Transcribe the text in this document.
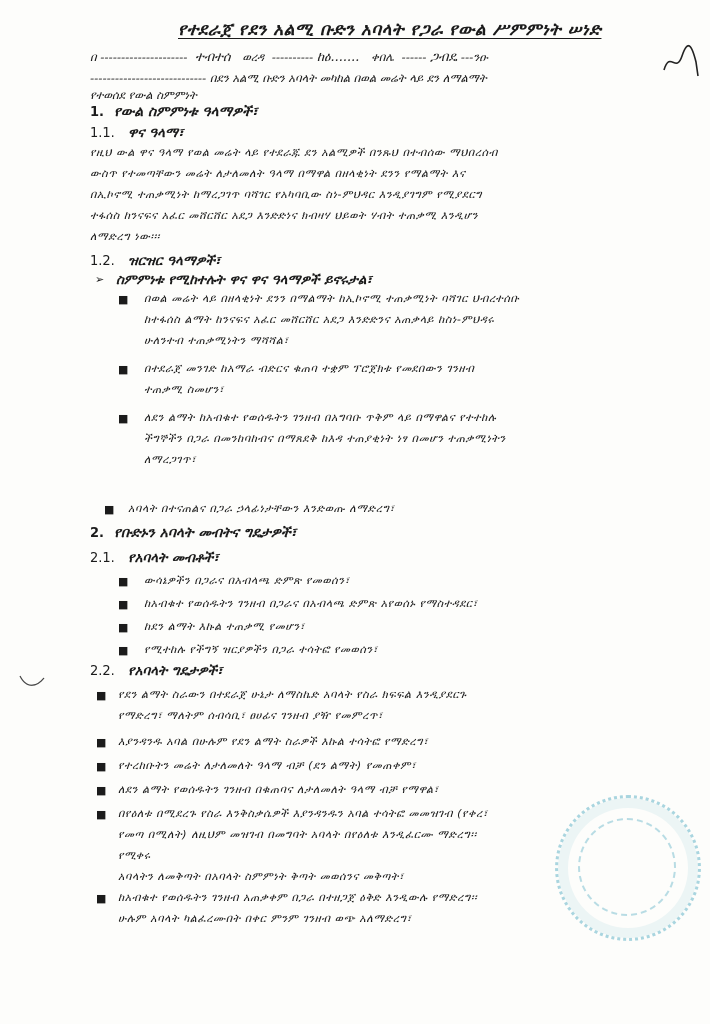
የተደራጀ የደን አልሚ ቡድን አባላት የጋራ የውል ሥምምነት ሠነድ
በ --------------------- ተብተሰ ወረዳ ---------- ከዕ....... ቀበሌ ------ ጋብዴ ---ንዑ
---------------------------- በደን አልሚ ቡድን አባላት መካከል በወል መሬት ላይ ደን ለማልማት
የተወሰደ የውል ስምምነት
1. የውል ስምምነቱ ዓላማዎች፣
1.1. ዋና ዓላማ፣
የዚህ ውል ዋና ዓላማ የወል መሬት ላይ የተደራጁ ደን አልሚዎች በንጹህ በተብሰው ማህበረሰብ
ውስጥ የተመጣቸውን መሬት ለታለመለት ዓላማ በማዋል በዘላቂነት ደንን የማልማት እና
በኢኮኖሚ ተጠቃሚነት ከማረጋገጥ ባሻገር የአካባቢው ስነ-ምህዳር እንዲያገግም የሚያደርግ
ተፋሰስ ከንናፍና አፈር መሸርሸር አደጋ እንድድነና ክብዛሃ ህይወት ሃብት ተጠቃሚ እንዲሆን
ለማድረግ ነው፡፡፡
1.2. ዝርዝር ዓላማዎች፣
➢ ስምምነቱ የሚከተሉት ዋና ዋና ዓላማዎች ይኖሩታል፣
■ በወል መሬት ላይ በዘላቂነት ደንን በማልማት ከኢኮኖሚ ተጠቃሚነት ባሻገር ህብረተሰቡ
ከተፋሰስ ልማት ከንናፍና አፈር መሸርሸር አደጋ እንድድንና አጠቃላይ ከስነ-ምህዳሩ
ሁለንተብ ተጠቃሚነትን ማሻሻል፣
■ በተደራጀ መንገድ ከአማራ ብድርና ቁጠባ ተቋም ፕሮጀክቱ የመደበውን ገንዘብ
ተጠቃሚ ስመሆን፣
■ ለደን ልማት ከአብቁተ የወሰዱትን ገንዘብ በአግባቡ ጥቅም ላይ በማዋልና የተተከሉ
ችግኞችን በጋራ በመንከባከብና በማጸደቅ ከእዳ ተጠያቂነት ነፃ በመሆን ተጠቃሚነትን
ለማረጋገጥ፣
■ አባላት በተናጠልና በጋራ ኃላፊነታቸውን እንድወጡ ለማድረግ፣
2. የቡድኑን አባላት መብትና ግዴታዎች፣
2.1. የአባላት መብቶች፣
■ ውሳኔዎችን በጋራና በአብላጫ ድምጽ የመወሰን፣
■ ከአብቁተ የወሰዱትን ገንዘብ በጋራና በአብላጫ ድምጽ አየወሰኑ የማስተዳደር፣
■ ከደን ልማት እኩል ተጠቃሚ የመሆን፣
■ የሚተከሉ የችግኝ ዝርያዎችን በጋራ ተሳትፎ የመወሰን፣
2.2. የአባላት ግዴታዎች፣
■ የደን ልማት ስራውን በተደራጀ ሁኔታ ለማስኬድ አባላት የስራ ክፍፍል እንዲያደርጉ
የማድረግ፣ ማለትም ሰብሳቢ፣ ፀሀፊና ገንዘብ ያዥ የመምረጥ፣
■ እያንዳንዱ አባል በሁሉም የደን ልማት ስራዎች እኩል ተሳትፎ የማድረግ፣
■ የተረከቡትን መሬት ለታለመለት ዓላማ ብቻ (ደን ልማት) የመጠቀም፣
■ ለደን ልማት የወሰዱትን ገንዘብ በቁጠባና ለታለመለት ዓላማ ብቻ የማዋል፣
■ በየዕለቱ በሚደረጉ የስራ እንቅስቃሴዎች እያንዳንዱን አባል ተሳትፎ መመዝገብ (የቀረ፣
የመጣ በሚለት) ለዚህም መዝገብ በመግባት አባላት በየዕለቱ እንዲፈርሙ ማድረግ፡፡
የሚቀሩ
አባላትን ለመቅጣት በአባላት ስምምነት ቅጣት መወሰንና መቅጣት፣
■ ከአብቁተ የወሰዱትን ገንዘብ አጠቃቀም በጋራ በተዘጋጀ ዕቅድ እንዲውሉ የማድረግ፡፡
ሁሉም አባላት ካልፈረሙበት በቀር ምንም ገንዘብ ወጭ አለማድረግ፣
